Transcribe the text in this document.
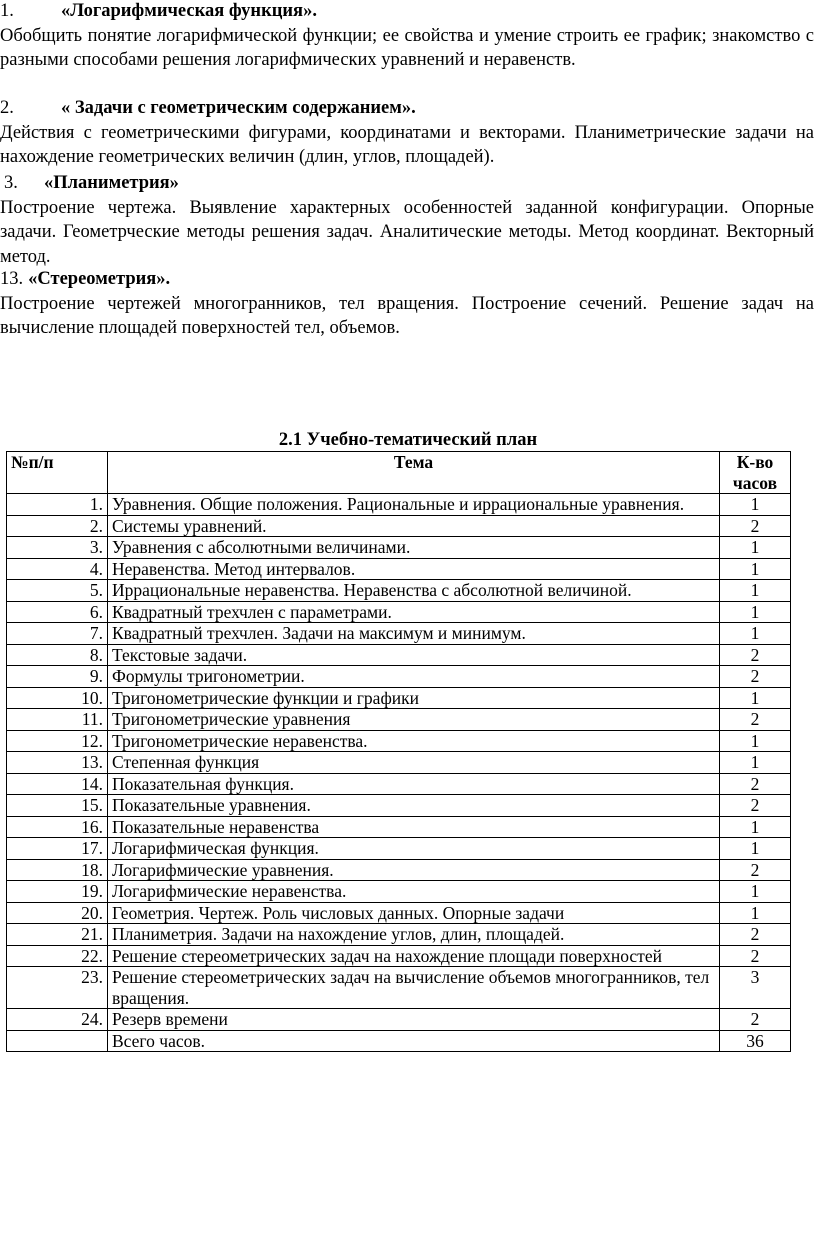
1.	«Логарифмическая функция».
Обобщить понятие логарифмической функции; ее свойства и умение строить ее график; знакомство с разными способами решения логарифмических уравнений и неравенств.
2.	« Задачи с геометрическим содержанием».
Действия с геометрическими фигурами, координатами и векторами. Планиметрические задачи на нахождение геометрических величин (длин, углов, площадей).
3. «Планиметрия»
Построение чертежа. Выявление характерных особенностей заданной конфигурации. Опорные задачи. Геометрческие методы решения задач. Аналитические методы. Метод координат. Векторный метод.
13. «Стереометрия».
Построение чертежей многогранников, тел вращения. Построение сечений. Решение задач на вычисление площадей поверхностей тел, объемов.
2.1 Учебно-тематический план
№п/п	Тема	К-во часов
1.	Уравнения. Общие положения. Рациональные и иррациональные уравнения.	1
2.	Системы уравнений.	2
3.	Уравнения с абсолютными величинами.	1
4.	Неравенства. Метод интервалов.	1
5.	Иррациональные неравенства. Неравенства с абсолютной величиной.	1
6.	Квадратный трехчлен с параметрами.	1
7.	Квадратный трехчлен. Задачи на максимум и минимум.	1
8.	Текстовые задачи.	2
9.	Формулы тригонометрии.	2
10.	Тригонометрические функции и графики	1
11.	Тригонометрические уравнения	2
12.	Тригонометрические неравенства.	1
13.	Степенная функция	1
14.	Показательная функция.	2
15.	Показательные уравнения.	2
16.	Показательные неравенства	1
17.	Логарифмическая функция.	1
18.	Логарифмические уравнения.	2
19.	Логарифмические неравенства.	1
20.	Геометрия. Чертеж. Роль числовых данных. Опорные задачи	1
21.	Планиметрия. Задачи на нахождение углов, длин, площадей.	2
22.	Решение стереометрических задач на нахождение площади поверхностей	2
23.	Решение стереометрических задач на вычисление объемов многогранников, тел вращения.	3
24.	Резерв времени	2
	Всего часов.	36
